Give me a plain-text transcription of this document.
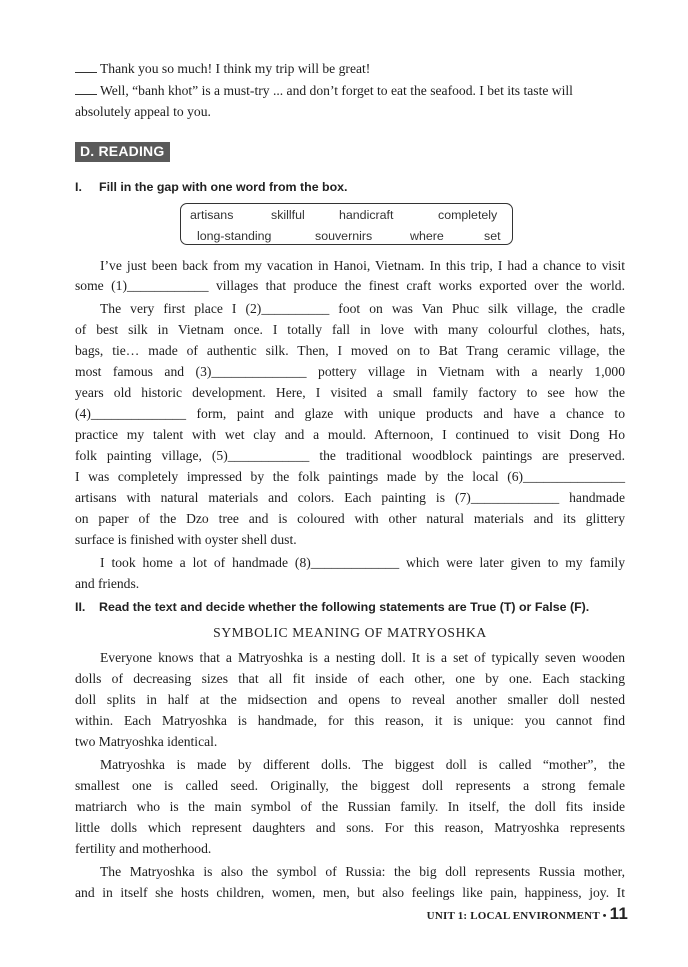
Thank you so much! I think my trip will be great!
Well, “banh khot” is a must-try ... and don’t forget to eat the seafood. I bet its taste will
absolutely appeal to you.
D. READING
I. Fill in the gap with one word from the box.
artisans	skillful	handicraft	completely
long-standing	souvernirs	where	set
I’ve just been back from my vacation in Hanoi, Vietnam. In this trip, I had a chance to visit
some (1)____________ villages that produce the finest craft works exported over the world.
The very first place I (2)__________ foot on was Van Phuc silk village, the cradle
of best silk in Vietnam once. I totally fall in love with many colourful clothes, hats,
bags, tie… made of authentic silk. Then, I moved on to Bat Trang ceramic village, the
most famous and (3)______________ pottery village in Vietnam with a nearly 1,000
years old historic development. Here, I visited a small family factory to see how the
(4)______________ form, paint and glaze with unique products and have a chance to
practice my talent with wet clay and a mould. Afternoon, I continued to visit Dong Ho
folk painting village, (5)____________ the traditional woodblock paintings are preserved.
I was completely impressed by the folk paintings made by the local (6)_______________
artisans with natural materials and colors. Each painting is (7)_____________ handmade
on paper of the Dzo tree and is coloured with other natural materials and its glittery
surface is finished with oyster shell dust.
I took home a lot of handmade (8)_____________ which were later given to my family
and friends.
II. Read the text and decide whether the following statements are True (T) or False (F).
SYMBOLIC MEANING OF MATRYOSHKA
Everyone knows that a Matryoshka is a nesting doll. It is a set of typically seven wooden
dolls of decreasing sizes that all fit inside of each other, one by one. Each stacking
doll splits in half at the midsection and opens to reveal another smaller doll nested
within. Each Matryoshka is handmade, for this reason, it is unique: you cannot find
two Matryoshka identical.
Matryoshka is made by different dolls. The biggest doll is called “mother”, the
smallest one is called seed. Originally, the biggest doll represents a strong female
matriarch who is the main symbol of the Russian family. In itself, the doll fits inside
little dolls which represent daughters and sons. For this reason, Matryoshka represents
fertility and motherhood.
The Matryoshka is also the symbol of Russia: the big doll represents Russia mother,
and in itself she hosts children, women, men, but also feelings like pain, happiness, joy. It
UNIT 1: LOCAL ENVIRONMENT • 11
